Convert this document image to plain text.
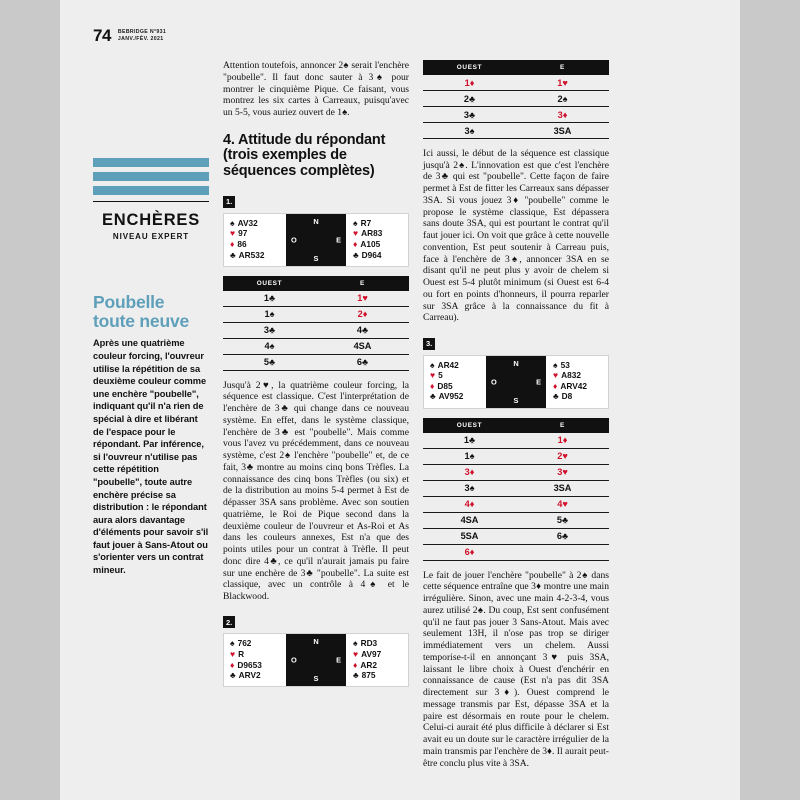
74 BEBRIDGE N°931
JANV./FÉV. 2021
ENCHÈRES
NIVEAU EXPERT
Poubelle toute neuve
Après une quatrième couleur forcing, l'ouvreur utilise la répétition de sa deuxième couleur comme une enchère "poubelle", indiquant qu'il n'a rien de spécial à dire et libérant de l'espace pour le répondant. Par inférence, si l'ouvreur n'utilise pas cette répétition "poubelle", toute autre enchère précise sa distribution : le répondant aura alors davantage d'éléments pour savoir s'il faut jouer à Sans-Atout ou s'orienter vers un contrat mineur.

Attention toutefois, annoncer 2♠ serait l'enchère "poubelle". Il faut donc sauter à 3♠ pour montrer le cinquième Pique. Ce faisant, vous montrez les six cartes à Carreaux, puisqu'avec un 5-5, vous auriez ouvert de 1♠.

4. Attitude du répondant (trois exemples de séquences complètes)
1.
♠ AV32
♥ 97
♦ 86
♣ AR532
N
O	E
S
♠ R7
♥ AR83
♦ A105
♣ D964
OUEST	E
1♣	1♥
1♠	2♦
3♣	4♣
4♠	4SA
5♣	6♣

Jusqu'à 2♥, la quatrième couleur forcing, la séquence est classique. C'est l'interprétation de l'enchère de 3♣ qui change dans ce nouveau système. En effet, dans le système classique, l'enchère de 3♣ est "poubelle". Mais comme vous l'avez vu précédemment, dans ce nouveau système, c'est 2♠ l'enchère "poubelle" et, de ce fait, 3♣ montre au moins cinq bons Trèfles. La connaissance des cinq bons Trèfles (ou six) et de la distribution au moins 5-4 permet à Est de dépasser 3SA sans problème. Avec son soutien quatrième, le Roi de Pique second dans la deuxième couleur de l'ouvreur et As-Roi et As dans les couleurs annexes, Est n'a que des points utiles pour un contrat à Trèfle. Il peut donc dire 4♣, ce qu'il n'aurait jamais pu faire sur une enchère de 3♣ "poubelle". La suite est classique, avec un contrôle à 4♠ et le Blackwood.

2.
♠ 762
♥ R
♦ D9653
♣ ARV2
N
O	E
S
♠ RD3
♥ AV97
♦ AR2
♣ 875
OUEST	E
1♦	1♥
2♣	2♠
3♣	3♦
3♠	3SA

Ici aussi, le début de la séquence est classique jusqu'à 2♠. L'innovation est que c'est l'enchère de 3♣ qui est "poubelle". Cette façon de faire permet à Est de fitter les Carreaux sans dépasser 3SA. Si vous jouez 3♦ "poubelle" comme le propose le système classique, Est dépassera sans doute 3SA, qui est pourtant le contrat qu'il faut jouer ici. On voit que grâce à cette nouvelle convention, Est peut soutenir à Carreau puis, face à l'enchère de 3♠, annoncer 3SA en se disant qu'il ne peut plus y avoir de chelem si Ouest est 5-4 plutôt minimum (si Ouest est 6-4 ou fort en points d'honneurs, il pourra reparler sur 3SA grâce à la connaissance du fit à Carreau).

3.
♠ AR42
♥ 5
♦ D85
♣ AV952
N
O	E
S
♠ 53
♥ A832
♦ ARV42
♣ D8
OUEST	E
1♣	1♦
1♠	2♥
3♦	3♥
3♠	3SA
4♦	4♥
4SA	5♣
5SA	6♣
6♦	

Le fait de jouer l'enchère "poubelle" à 2♠ dans cette séquence entraîne que 3♦ montre une main irrégulière. Sinon, avec une main 4-2-3-4, vous aurez utilisé 2♠. Du coup, Est sent confusément qu'il ne faut pas jouer 3 Sans-Atout. Mais avec seulement 13H, il n'ose pas trop se diriger immédiatement vers un chelem. Aussi temporise-t-il en annonçant 3♥ puis 3SA, laissant le libre choix à Ouest d'enchérir en connaissance de cause (Est n'a pas dit 3SA directement sur 3♦). Ouest comprend le message transmis par Est, dépasse 3SA et la paire est désormais en route pour le chelem. Celui-ci aurait été plus difficile à déclarer si Est avait eu un doute sur le caractère irrégulier de la main transmis par l'enchère de 3♦. Il aurait peut-être conclu plus vite à 3SA.
